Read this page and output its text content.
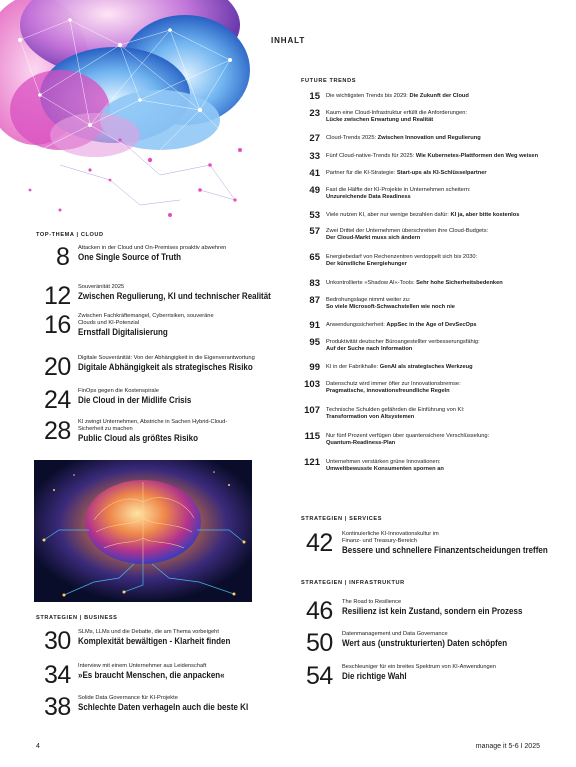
INHALT
TOP-THEMA | CLOUD
FUTURE TRENDS
STRATEGIEN | SERVICES
STRATEGIEN | INFRASTRUKTUR
STRATEGIEN | BUSINESS
8 Attacken in der Cloud und On-Premises proaktiv abwehren
One Single Source of Truth
12 Souveränität 2025
Zwischen Regulierung, KI und technischer Realität
16 Zwischen Fachkräftemangel, Cyberrisiken, souveräne Clouds und KI-Potenzial
Ernstfall Digitalisierung
20 Digitale Souveränität: Von der Abhängigkeit in die Eigenverantwortung
Digitale Abhängigkeit als strategisches Risiko
24 FinOps gegen die Kostenspirale
Die Cloud in der Midlife Crisis
28 KI zwingt Unternehmen, Abstriche in Sachen Hybrid-Cloud-Sicherheit zu machen
Public Cloud als größtes Risiko
15 Die wichtigsten Trends bis 2029: Die Zukunft der Cloud
23 Kaum eine Cloud-Infrastruktur erfüllt die Anforderungen:
Lücke zwischen Erwartung und Realität
27 Cloud-Trends 2025: Zwischen Innovation und Regulierung
33 Fünf Cloud-native-Trends für 2025: Wie Kubernetes-Plattformen den Weg weisen
41 Partner für die KI-Strategie: Start-ups als KI-Schlüsselpartner
49 Fast die Hälfte der KI-Projekte in Unternehmen scheitern:
Unzureichende Data Readiness
53 Viele nutzen KI, aber nur wenige bezahlen dafür: KI ja, aber bitte kostenlos
57 Zwei Drittel der Unternehmen überschreiten ihre Cloud-Budgets:
Der Cloud-Markt muss sich ändern
65 Energiebedarf von Rechenzentren verdoppelt sich bis 2030:
Der künstliche Energiehunger
83 Unkontrollierte »Shadow AI«-Tools: Sehr hohe Sicherheitsbedenken
87 Bedrohungslage nimmt weiter zu:
So viele Microsoft-Schwachstellen wie noch nie
91 Anwendungssicherheit: AppSec in the Age of DevSecOps
95 Produktivität deutscher Büroangestellter verbesserungsfähig:
Auf der Suche nach Information
99 KI in der Fabrikhalle: GenAI als strategisches Werkzeug
103 Datenschutz wird immer öfter zur Innovationsbremse:
Pragmatische, innovationsfreundliche Regeln
107 Technische Schulden gefährden die Einführung von KI:
Transformation von Altsystemen
115 Nur fünf Prozent verfügen über quantensichere Verschlüsselung:
Quantum-Readiness-Plan
121 Unternehmen verstärken grüne Innovationen:
Umweltbewusste Konsumenten spornen an
42 Kontinuierliche KI-Innovationskultur im Finanz- und Treasury-Bereich
Bessere und schnellere Finanzentscheidungen treffen
46 The Road to Resilience
Resilienz ist kein Zustand, sondern ein Prozess
50 Datenmanagement und Data Governance
Wert aus (unstrukturierten) Daten schöpfen
54 Beschleuniger für ein breites Spektrum von KI-Anwendungen
Die richtige Wahl
30 SLMs, LLMs und die Debatte, die am Thema vorbeigeht
Komplexität bewältigen - Klarheit finden
34 Interview mit einem Unternehmer aus Leidenschaft
»Es braucht Menschen, die anpacken«
38 Solide Data Governance für KI-Projekte
Schlechte Daten verhageln auch die beste KI
4	manage it 5-6 I 2025
